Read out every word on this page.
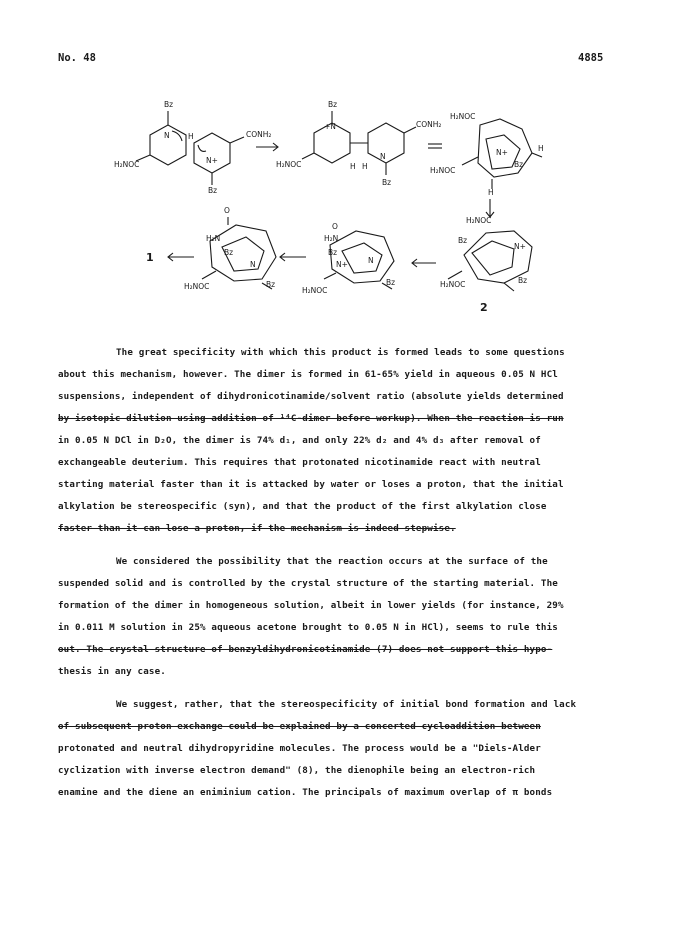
No. 48	4885
Bz
N
H₂NOC
H	CONH₂
N+
Bz
Bz
+N	CONH₂
H₂NOC
N
Bz
H H
H₂NOC
H
N+
H₂NOC
Bz
H
H₂NOC
Bz
N+
H₂NOC	Bz
2
O
H₂N
Bz
N+	N
H₂NOC
Bz
O
H₂N
Bz
N
H₂NOC	Bz
1
The great specificity with which this product is formed leads to some questions
about this mechanism, however. The dimer is formed in 61-65% yield in aqueous 0.05 N HCl
suspensions, independent of dihydronicotinamide/solvent ratio (absolute yields determined
by isotopic dilution using addition of ¹⁴C-dimer before workup). When the reaction is run
in 0.05 N DCl in D₂O, the dimer is 74% d₁, and only 22% d₂ and 4% d₃ after removal of
exchangeable deuterium. This requires that protonated nicotinamide react with neutral
starting material faster than it is attacked by water or loses a proton, that the initial
alkylation be stereospecific (syn), and that the product of the first alkylation close
faster than it can lose a proton, if the mechanism is indeed stepwise.
We considered the possibility that the reaction occurs at the surface of the
suspended solid and is controlled by the crystal structure of the starting material. The
formation of the dimer in homogeneous solution, albeit in lower yields (for instance, 29%
in 0.011 M solution in 25% aqueous acetone brought to 0.05 N in HCl), seems to rule this
out. The crystal structure of benzyldihydronicotinamide (7) does not support this hypo-
thesis in any case.
We suggest, rather, that the stereospecificity of initial bond formation and lack
of subsequent proton exchange could be explained by a concerted cycloaddition between
protonated and neutral dihydropyridine molecules. The process would be a "Diels-Alder
cyclization with inverse electron demand" (8), the dienophile being an electron-rich
enamine and the diene an eniminium cation. The principals of maximum overlap of π bonds
